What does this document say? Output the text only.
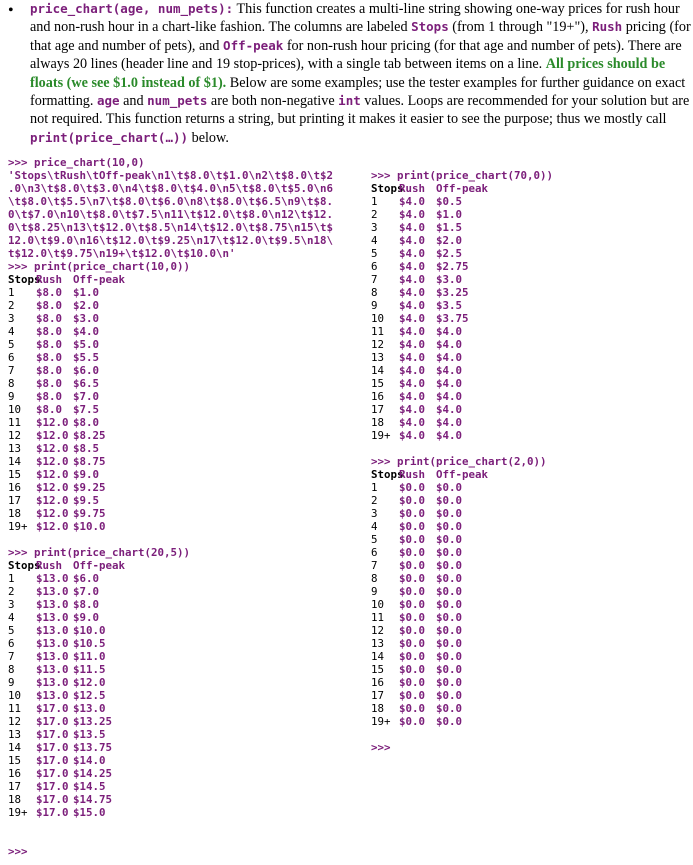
• price_chart(age, num_pets): This function creates a multi-line string showing one-way prices for rush hour and non-rush hour in a chart-like fashion. The columns are labeled Stops (from 1 through "19+"), Rush pricing (for that age and number of pets), and Off-peak for non-rush hour pricing (for that age and number of pets). There are always 20 lines (header line and 19 stop-prices), with a single tab between items on a line. All prices should be floats (we see $1.0 instead of $1). Below are some examples; use the tester examples for further guidance on exact formatting. age and num_pets are both non-negative int values. Loops are recommended for your solution but are not required. This function returns a string, but printing it makes it easier to see the purpose; thus we mostly call print(price_chart(…)) below.
>>> price_chart(10,0)
'Stops\tRush\tOff-peak\n1\t$8.0\t$1.0\n2\t$8.0\t$2
.0\n3\t$8.0\t$3.0\n4\t$8.0\t$4.0\n5\t$8.0\t$5.0\n6
\t$8.0\t$5.5\n7\t$8.0\t$6.0\n8\t$8.0\t$6.5\n9\t$8.
0\t$7.0\n10\t$8.0\t$7.5\n11\t$12.0\t$8.0\n12\t$12.
0\t$8.25\n13\t$12.0\t$8.5\n14\t$12.0\t$8.75\n15\t$
12.0\t$9.0\n16\t$12.0\t$9.25\n17\t$12.0\t$9.5\n18\
t$12.0\t$9.75\n19+\t$12.0\t$10.0\n'
>>> print(price_chart(10,0))
StopsRush Off-peak
1 $8.0 $1.0
2 $8.0 $2.0
3 $8.0 $3.0
4 $8.0 $4.0
5 $8.0 $5.0
6 $8.0 $5.5
7 $8.0 $6.0
8 $8.0 $6.5
9 $8.0 $7.0
10 $8.0 $7.5
11 $12.0 $8.0
12 $12.0 $8.25
13 $12.0 $8.5
14 $12.0 $8.75
15 $12.0 $9.0
16 $12.0 $9.25
17 $12.0 $9.5
18 $12.0 $9.75
19+ $12.0 $10.0
>>> print(price_chart(20,5))
StopsRush Off-peak
1 $13.0 $6.0
2 $13.0 $7.0
3 $13.0 $8.0
4 $13.0 $9.0
5 $13.0 $10.0
6 $13.0 $10.5
7 $13.0 $11.0
8 $13.0 $11.5
9 $13.0 $12.0
10 $13.0 $12.5
11 $17.0 $13.0
12 $17.0 $13.25
13 $17.0 $13.5
14 $17.0 $13.75
15 $17.0 $14.0
16 $17.0 $14.25
17 $17.0 $14.5
18 $17.0 $14.75
19+ $17.0 $15.0
>>>
>>> print(price_chart(70,0))
StopsRush Off-peak
1 $4.0 $0.5
2 $4.0 $1.0
3 $4.0 $1.5
4 $4.0 $2.0
5 $4.0 $2.5
6 $4.0 $2.75
7 $4.0 $3.0
8 $4.0 $3.25
9 $4.0 $3.5
10 $4.0 $3.75
11 $4.0 $4.0
12 $4.0 $4.0
13 $4.0 $4.0
14 $4.0 $4.0
15 $4.0 $4.0
16 $4.0 $4.0
17 $4.0 $4.0
18 $4.0 $4.0
19+ $4.0 $4.0
>>> print(price_chart(2,0))
StopsRush Off-peak
1 $0.0 $0.0
2 $0.0 $0.0
3 $0.0 $0.0
4 $0.0 $0.0
5 $0.0 $0.0
6 $0.0 $0.0
7 $0.0 $0.0
8 $0.0 $0.0
9 $0.0 $0.0
10 $0.0 $0.0
11 $0.0 $0.0
12 $0.0 $0.0
13 $0.0 $0.0
14 $0.0 $0.0
15 $0.0 $0.0
16 $0.0 $0.0
17 $0.0 $0.0
18 $0.0 $0.0
19+ $0.0 $0.0
>>>
